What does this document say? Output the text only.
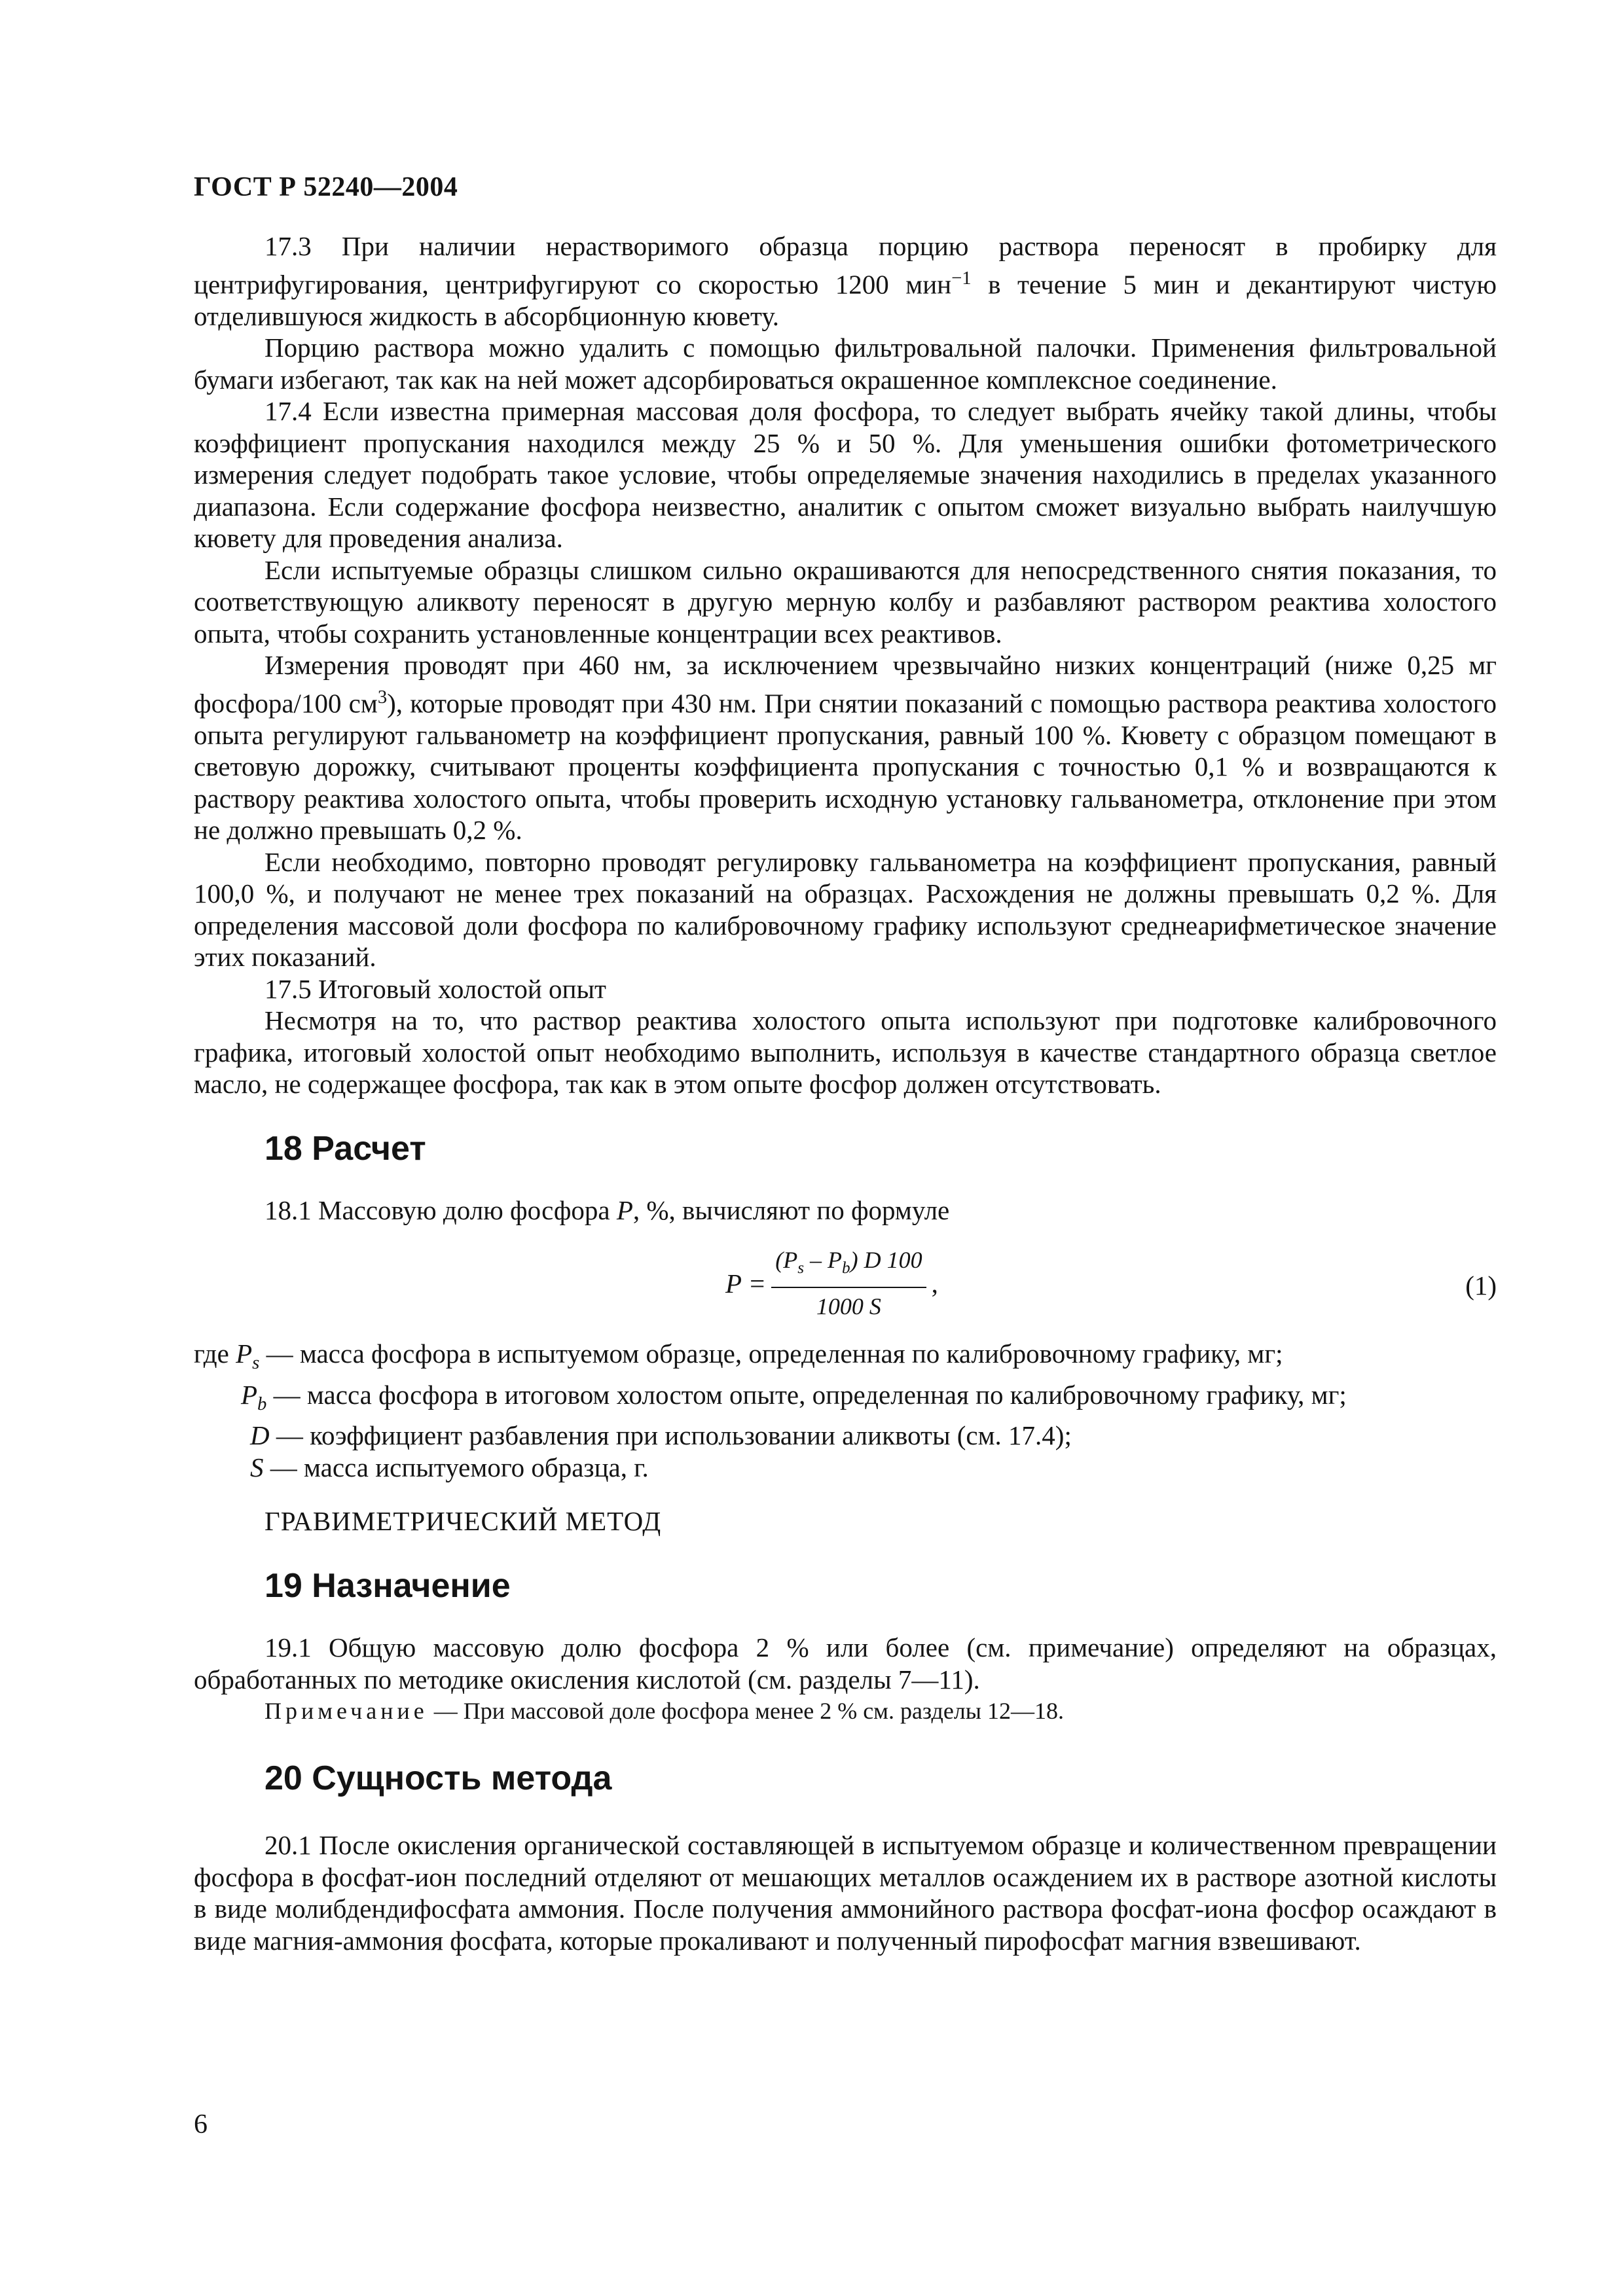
ГОСТ Р 52240—2004

17.3 При наличии нерастворимого образца порцию раствора переносят в пробирку для центрифугирования, центрифугируют со скоростью 1200 мин$^{-1}$ в течение 5 мин и декантируют чистую отделившуюся жидкость в абсорбционную кювету.

Порцию раствора можно удалить с помощью фильтровальной палочки. Применения фильтровальной бумаги избегают, так как на ней может адсорбироваться окрашенное комплексное соединение.

17.4 Если известна примерная массовая доля фосфора, то следует выбрать ячейку такой длины, чтобы коэффициент пропускания находился между 25 % и 50 %. Для уменьшения ошибки фотометрического измерения следует подобрать такое условие, чтобы определяемые значения находились в пределах указанного диапазона. Если содержание фосфора неизвестно, аналитик с опытом сможет визуально выбрать наилучшую кювету для проведения анализа.

Если испытуемые образцы слишком сильно окрашиваются для непосредственного снятия показания, то соответствующую аликвоту переносят в другую мерную колбу и разбавляют раствором реактива холостого опыта, чтобы сохранить установленные концентрации всех реактивов.

Измерения проводят при 460 нм, за исключением чрезвычайно низких концентраций (ниже 0,25 мг фосфора/100 $см^3$), которые проводят при 430 нм. При снятии показаний с помощью раствора реактива холостого опыта регулируют гальванометр на коэффициент пропускания, равный 100 %. Кювету с образцом помещают в световую дорожку, считывают проценты коэффициента пропускания с точностью 0,1 % и возвращаются к раствору реактива холостого опыта, чтобы проверить исходную установку гальванометра, отклонение при этом не должно превышать 0,2 %.

Если необходимо, повторно проводят регулировку гальванометра на коэффициент пропускания, равный 100,0 %, и получают не менее трех показаний на образцах. Расхождения не должны превышать 0,2 %. Для определения массовой доли фосфора по калибровочному графику используют среднеарифметическое значение этих показаний.

17.5 Итоговый холостой опыт

Несмотря на то, что раствор реактива холостого опыта используют при подготовке калибровочного графика, итоговый холостой опыт необходимо выполнить, используя в качестве стандартного образца светлое масло, не содержащее фосфора, так как в этом опыте фосфор должен отсутствовать.

18 Расчет

18.1 Массовую долю фосфора P, %, вычисляют по формуле

$P = \frac{(P_s - P_b) D 100}{1000 S}$ ,	(1)
где $P_s$ — масса фосфора в испытуемом образце, определенная по калибровочному графику, мг;
$P_b$ — масса фосфора в итоговом холостом опыте, определенная по калибровочному графику, мг;
D — коэффициент разбавления при использовании аликвоты (см. 17.4);
S — масса испытуемого образца, г.
ГРАВИМЕТРИЧЕСКИЙ МЕТОД
19 Назначение

19.1 Общую массовую долю фосфора 2 % или более (см. примечание) определяют на образцах, обработанных по методике окисления кислотой (см. разделы 7—11).

Примечание — При массовой доле фосфора менее 2 % см. разделы 12—18.

20 Сущность метода

20.1 После окисления органической составляющей в испытуемом образце и количественном превращении фосфора в фосфат-ион последний отделяют от мешающих металлов осаждением их в растворе азотной кислоты в виде молибдендифосфата аммония. После получения аммонийного раствора фосфат-иона фосфор осаждают в виде магния-аммония фосфата, которые прокаливают и полученный пирофосфат магния взвешивают.

6
